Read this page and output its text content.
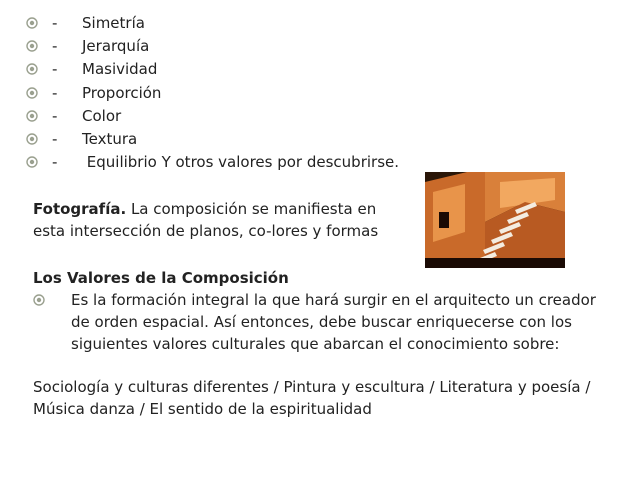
-	Simetría
-	Jerarquía
-	Masividad
-	Proporción
-	Color
-	Textura
-	Equilibrio Y otros valores por descubrirse.

Fotografía. La composición se manifiesta en

esta intersección de planos, co-lores y formas

Los Valores de la Composición

Es la formación integral la que hará surgir en el arquitecto un creador de orden espacial. Así entonces, debe buscar enriquecerse con los siguientes valores culturales que abarcan el conocimiento sobre:

Sociología y culturas diferentes / Pintura y escultura / Literatura y poesía / Música danza / El sentido de la espiritualidad
